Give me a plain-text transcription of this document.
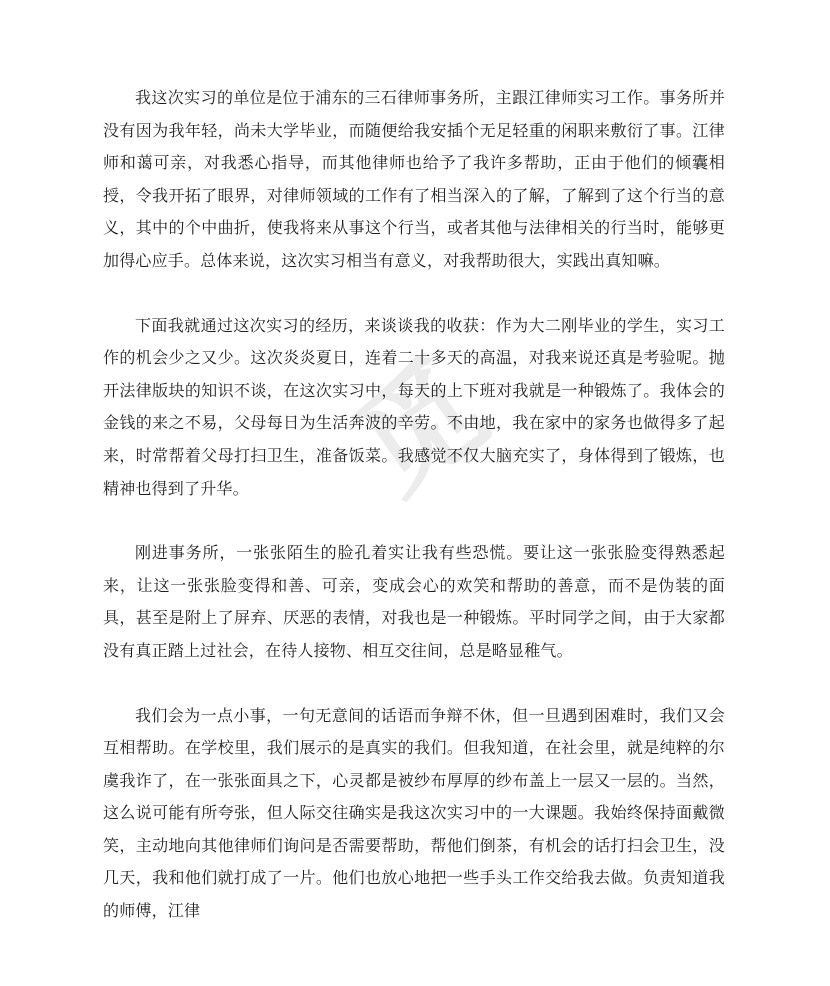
我这次实习的单位是位于浦东的三石律师事务所，主跟江律师实习工作。事务所并没有因为我年轻，尚未大学毕业，而随便给我安插个无足轻重的闲职来敷衍了事。江律师和蔼可亲，对我悉心指导，而其他律师也给予了我许多帮助，正由于他们的倾囊相授，令我开拓了眼界，对律师领域的工作有了相当深入的了解，了解到了这个行当的意义，其中的个中曲折，使我将来从事这个行当，或者其他与法律相关的行当时，能够更加得心应手。总体来说，这次实习相当有意义，对我帮助很大，实践出真知嘛。

下面我就通过这次实习的经历，来谈谈我的收获：作为大二刚毕业的学生，实习工作的机会少之又少。这次炎炎夏日，连着二十多天的高温，对我来说还真是考验呢。抛开法律版块的知识不谈，在这次实习中，每天的上下班对我就是一种锻炼了。我体会的金钱的来之不易，父母每日为生活奔波的辛劳。不由地，我在家中的家务也做得多了起来，时常帮着父母打扫卫生，准备饭菜。我感觉不仅大脑充实了，身体得到了锻炼，也精神也得到了升华。

刚进事务所，一张张陌生的脸孔着实让我有些恐慌。要让这一张张脸变得熟悉起来，让这一张张脸变得和善、可亲，变成会心的欢笑和帮助的善意，而不是伪装的面具，甚至是附上了屏弃、厌恶的表情，对我也是一种锻炼。平时同学之间，由于大家都没有真正踏上过社会，在待人接物、相互交往间，总是略显稚气。

我们会为一点小事，一句无意间的话语而争辩不休，但一旦遇到困难时，我们又会互相帮助。在学校里，我们展示的是真实的我们。但我知道，在社会里，就是纯粹的尔虞我诈了，在一张张面具之下，心灵都是被纱布厚厚的纱布盖上一层又一层的。当然，这么说可能有所夸张，但人际交往确实是我这次实习中的一大课题。我始终保持面戴微笑，主动地向其他律师们询问是否需要帮助，帮他们倒茶，有机会的话打扫会卫生，没几天，我和他们就打成了一片。他们也放心地把一些手头工作交给我去做。负责知道我的师傅，江律

觅
